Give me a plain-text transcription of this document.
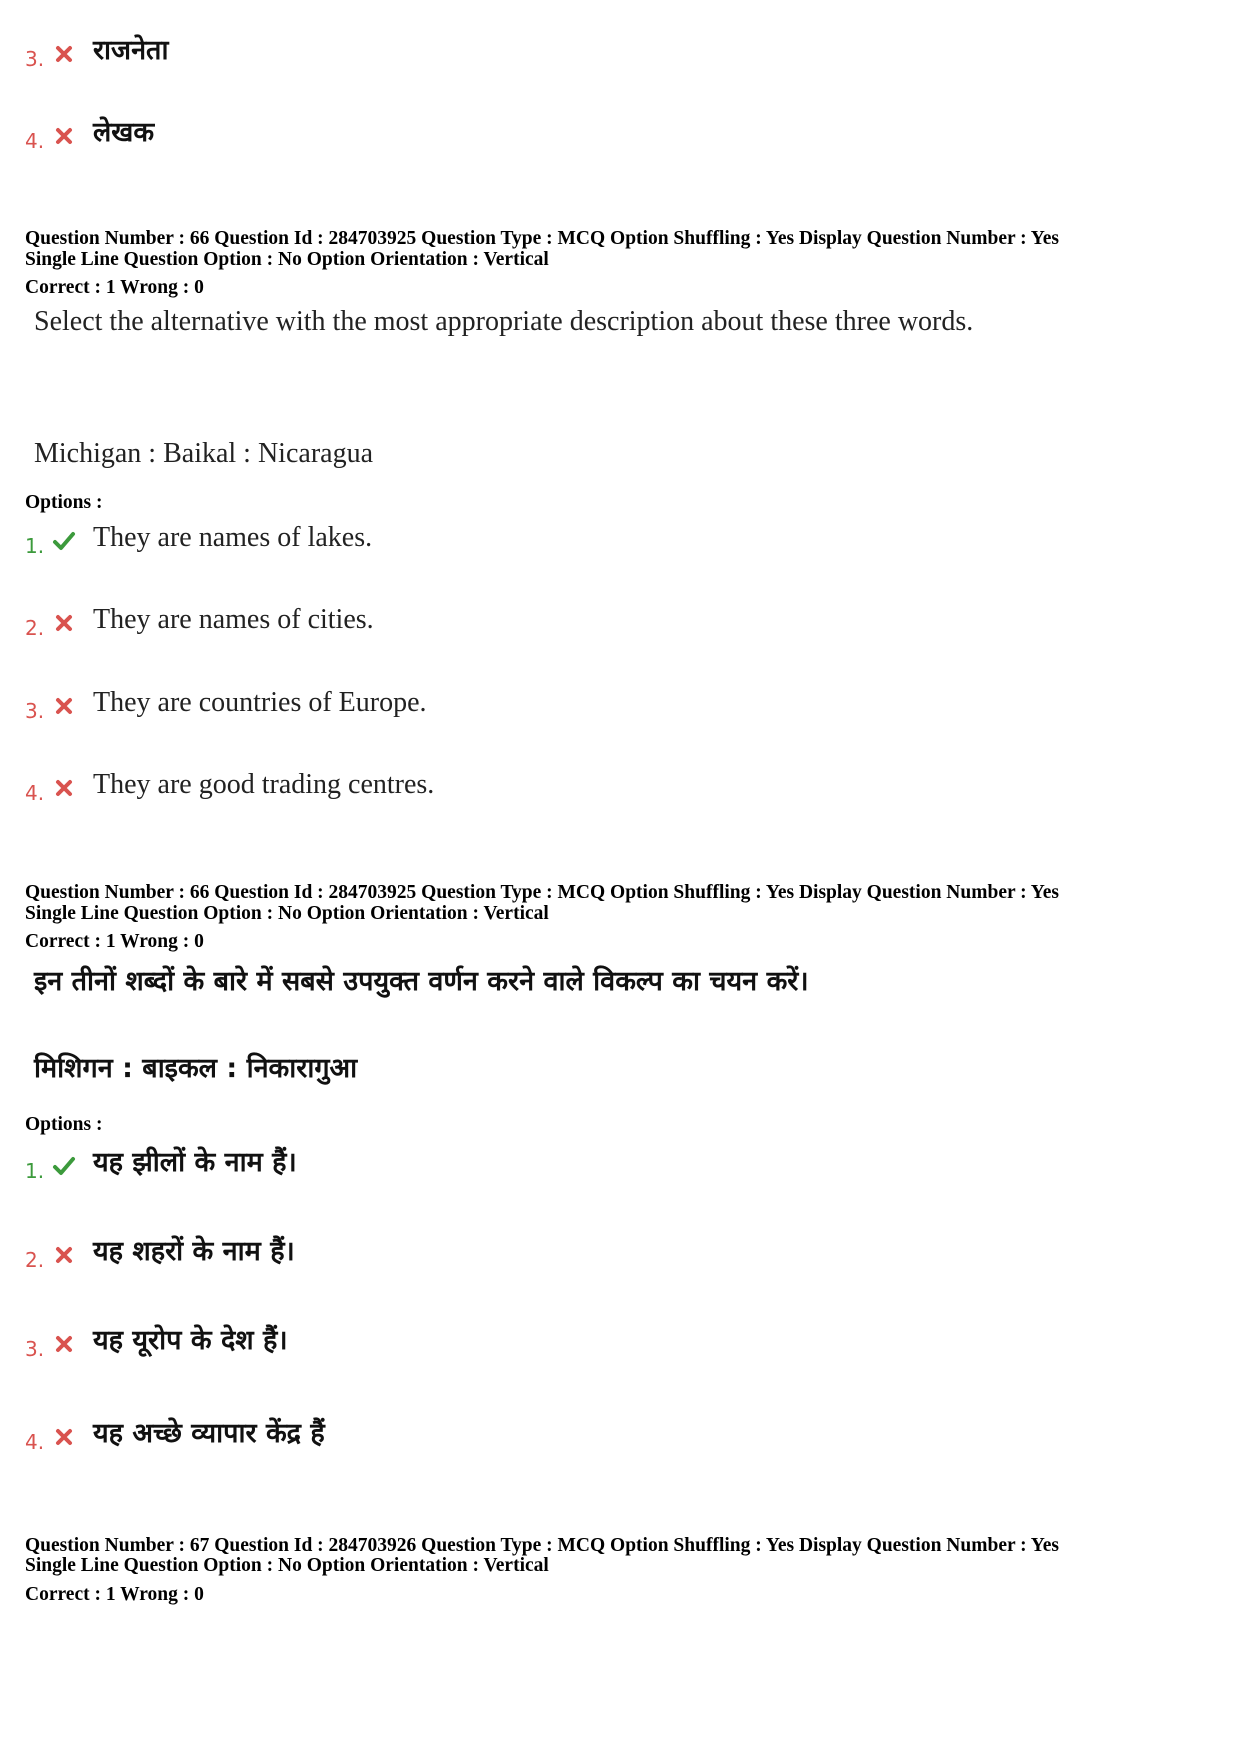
3. राजनेता
4. लेखक
Question Number : 66 Question Id : 284703925 Question Type : MCQ Option Shuffling : Yes Display Question Number : Yes
Single Line Question Option : No Option Orientation : Vertical
Correct : 1 Wrong : 0
Select the alternative with the most appropriate description about these three words.
Michigan : Baikal : Nicaragua
Options :
1. They are names of lakes.
2. They are names of cities.
3. They are countries of Europe.
4. They are good trading centres.
Question Number : 66 Question Id : 284703925 Question Type : MCQ Option Shuffling : Yes Display Question Number : Yes
Single Line Question Option : No Option Orientation : Vertical
Correct : 1 Wrong : 0
इन तीनों शब्दों के बारे में सबसे उपयुक्त वर्णन करने वाले विकल्प का चयन करें।
मिशिगन : बाइकल : निकारागुआ
Options :
1. यह झीलों के नाम हैं।
2. यह शहरों के नाम हैं।
3. यह यूरोप के देश हैं।
4. यह अच्छे व्यापार केंद्र हैं
Question Number : 67 Question Id : 284703926 Question Type : MCQ Option Shuffling : Yes Display Question Number : Yes
Single Line Question Option : No Option Orientation : Vertical
Correct : 1 Wrong : 0
